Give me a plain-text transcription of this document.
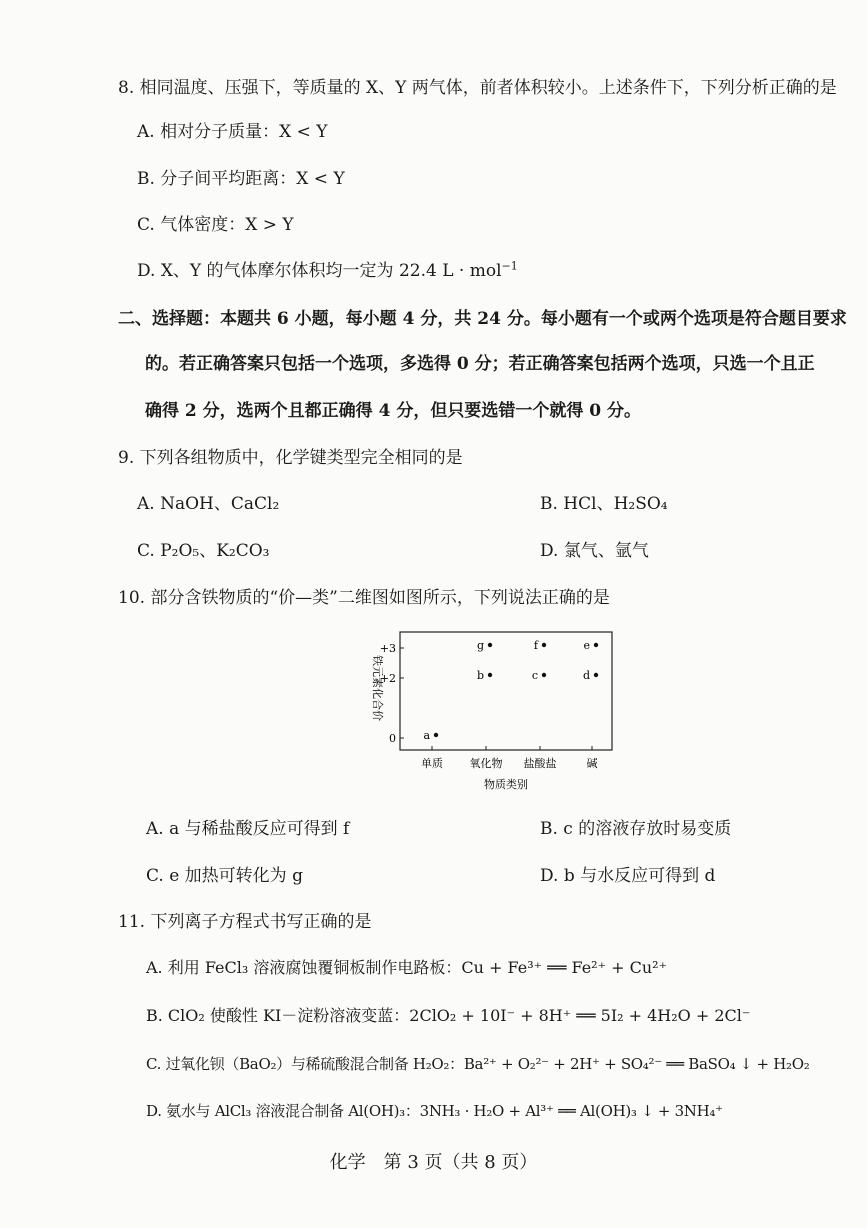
8. 相同温度、压强下，等质量的 X、Y 两气体，前者体积较小。上述条件下，下列分析正确的是
A. 相对分子质量：X < Y
B. 分子间平均距离：X < Y
C. 气体密度：X > Y
D. X、Y 的气体摩尔体积均一定为 22.4 L · mol$^{-1}$
二、选择题：本题共 6 小题，每小题 4 分，共 24 分。每小题有一个或两个选项是符合题目要求
的。若正确答案只包括一个选项，多选得 0 分；若正确答案包括两个选项，只选一个且正
确得 2 分，选两个且都正确得 4 分，但只要选错一个就得 0 分。
9. 下列各组物质中，化学键类型完全相同的是
A. NaOH、CaCl₂	B. HCl、H₂SO₄
C. P₂O₅、K₂CO₃	D. 氯气、氩气
10. 部分含铁物质的“价—类”二维图如图所示，下列说法正确的是
铁元素化合价
0
+2
+3
单质 氧化物 盐酸盐	碱
a
b
g
c
f
d
e
物质类别
A. a 与稀盐酸反应可得到 f	B. c 的溶液存放时易变质
C. e 加热可转化为 g	D. b 与水反应可得到 d
11. 下列离子方程式书写正确的是
A. 利用 FeCl₃ 溶液腐蚀覆铜板制作电路板：Cu + Fe³⁺ ══ Fe²⁺ + Cu²⁺
B. ClO₂ 使酸性 KI－淀粉溶液变蓝：2ClO₂ + 10I⁻ + 8H⁺ ══ 5I₂ + 4H₂O + 2Cl⁻
C. 过氧化钡（BaO₂）与稀硫酸混合制备 H₂O₂：Ba²⁺ + O₂²⁻ + 2H⁺ + SO₄²⁻ ══ BaSO₄ ↓ + H₂O₂
D. 氨水与 AlCl₃ 溶液混合制备 Al(OH)₃：3NH₃ · H₂O + Al³⁺ ══ Al(OH)₃ ↓ + 3NH₄⁺
化学　第 3 页（共 8 页）
